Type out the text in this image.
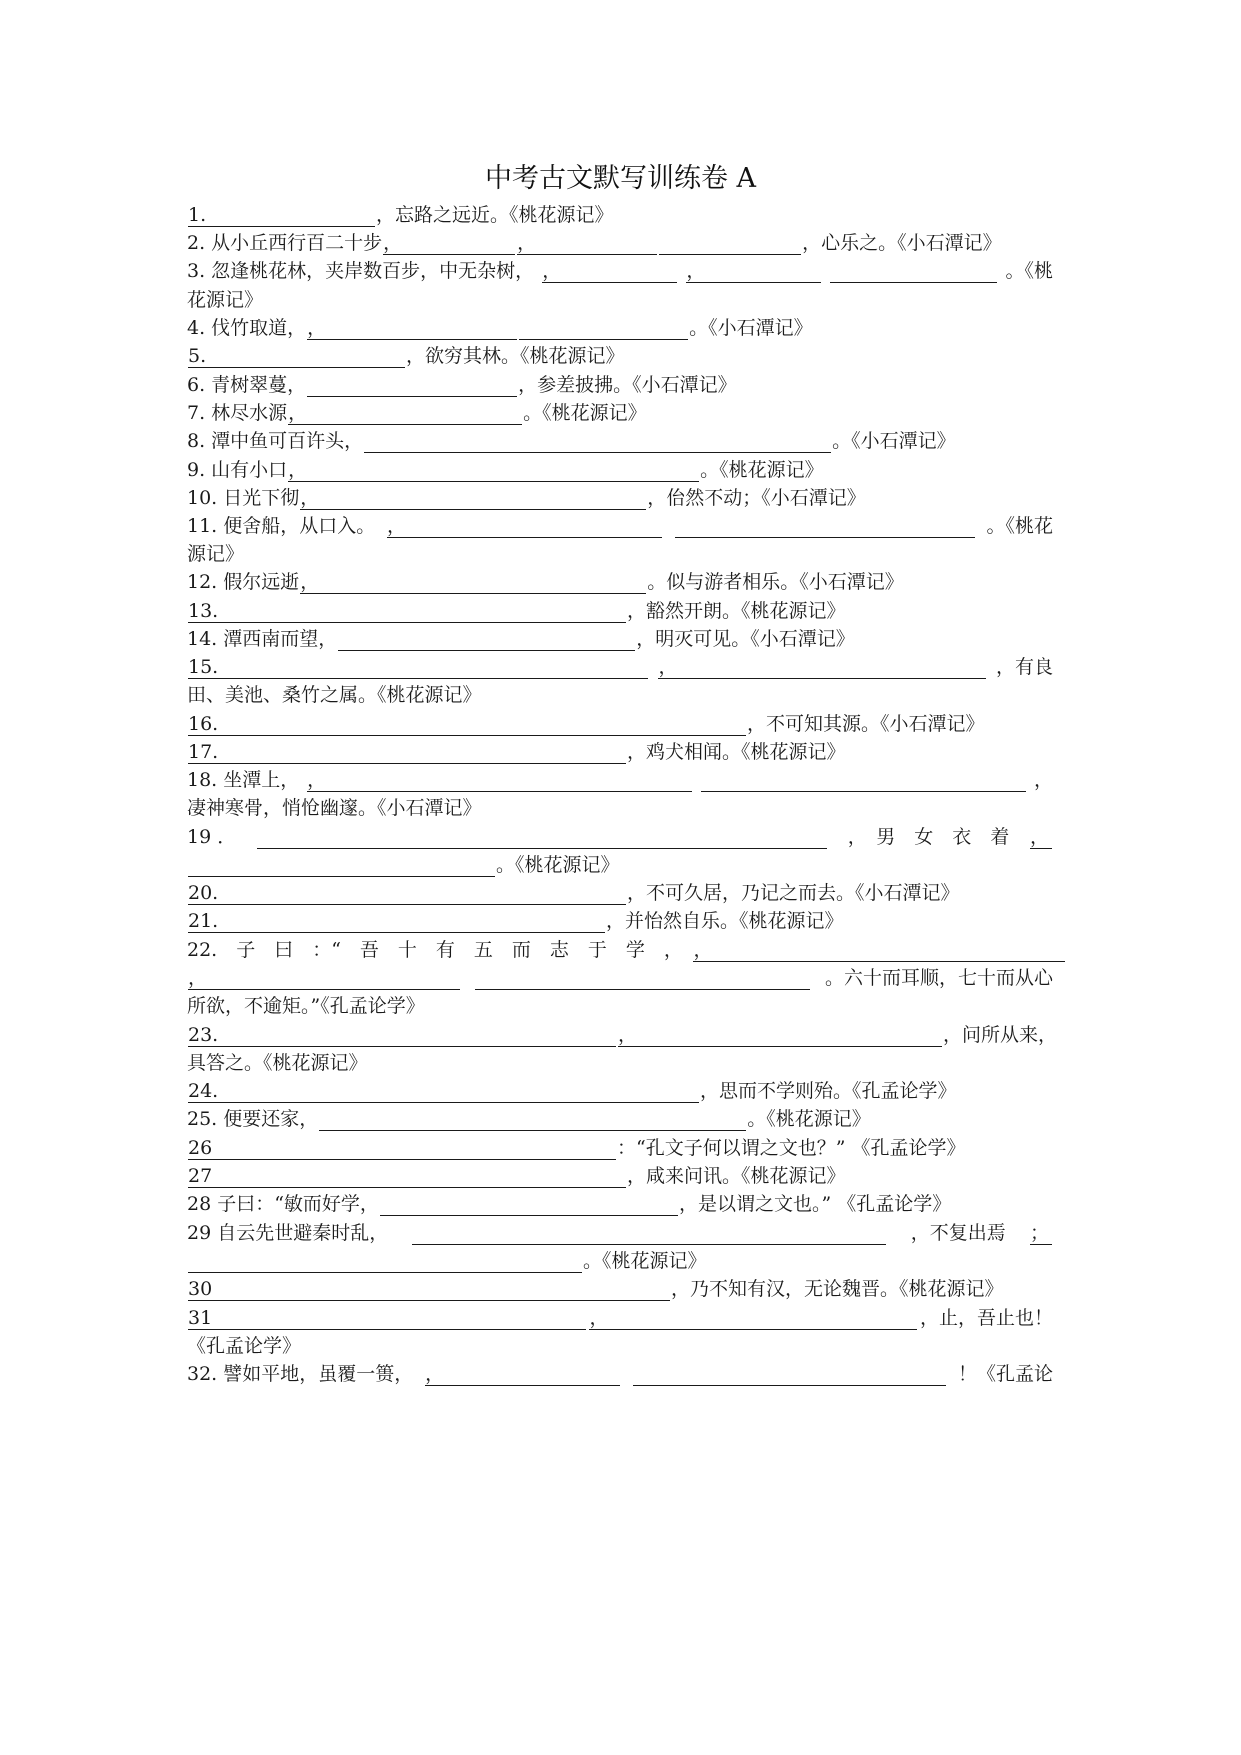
中考古文默写训练卷 A
1.	，忘路之远近。《桃花源记》
2. 从小丘西行百二十步 ，	，	，心乐之。《小石潭记》
3. 忽逢桃花林，夹岸数百步，中无杂树， ，	，	。《桃
花源记》
4. 伐竹取道， ，	。《小石潭记》
5.	，欲穷其林。《桃花源记》
6. 青树翠蔓，	，参差披拂。《小石潭记》
7. 林尽水源 ，	。《桃花源记》
8. 潭中鱼可百许头，	。《小石潭记》
9. 山有小口 ，	。《桃花源记》
10. 日光下彻 ，	，佁然不动；《小石潭记》
11. 便舍船，从口入。 ，	。《桃花
源记》
12. 假尔远逝 ，	。似与游者相乐。《小石潭记》
13.	，豁然开朗。《桃花源记》
14. 潭西南而望，	，明灭可见。《小石潭记》
15.	，	，有良
田、美池、桑竹之属。《桃花源记》
16.	，不可知其源。《小石潭记》
17.	，鸡犬相闻。《桃花源记》
18. 坐潭上， ，	，
凄神寒骨，悄怆幽邃。《小石潭记》
19 ．	，　男　女　衣　着 ，
。《桃花源记》
20.	，不可久居，乃记之而去。《小石潭记》
21.	，并怡然自乐。《桃花源记》
22.　子　曰　：“　吾　十　有　五　而　志　于　学　，　 ，
，	。六十而耳顺，七十而从心
所欲，不逾矩。”《孔孟论学》
23.	，	，问所从来，
具答之。《桃花源记》
24.	，思而不学则殆。《孔孟论学》
25. 便要还家，	。《桃花源记》
26	：“孔文子何以谓之文也？” 《孔孟论学》
27	，咸来问讯。《桃花源记》
28 子曰：“敏而好学，	，是以谓之文也。” 《孔孟论学》
29 自云先世避秦时乱，	，不复出焉 ；
。《桃花源记》
30	，乃不知有汉，无论魏晋。《桃花源记》
31	，	，止，吾止也！
《孔孟论学》
32. 譬如平地，虽覆一篑， ，	！《孔孟论
